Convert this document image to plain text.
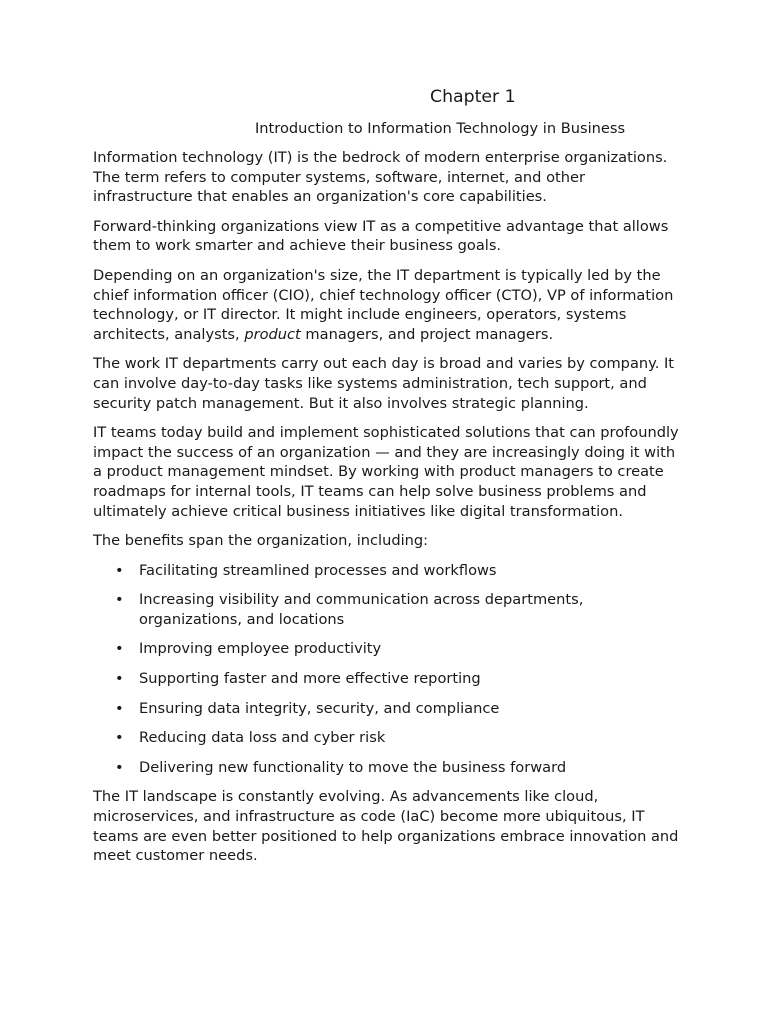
Chapter 1
Introduction to Information Technology in Business

Information technology (IT) is the bedrock of modern enterprise organizations. The term refers to computer systems, software, internet, and other infrastructure that enables an organization's core capabilities.

Forward-thinking organizations view IT as a competitive advantage that allows them to work smarter and achieve their business goals.

Depending on an organization's size, the IT department is typically led by the chief information officer (CIO), chief technology officer (CTO), VP of information technology, or IT director. It might include engineers, operators, systems architects, analysts, product managers, and project managers.

The work IT departments carry out each day is broad and varies by company. It can involve day-to-day tasks like systems administration, tech support, and security patch management. But it also involves strategic planning.

IT teams today build and implement sophisticated solutions that can profoundly impact the success of an organization — and they are increasingly doing it with a product management mindset. By working with product managers to create roadmaps for internal tools, IT teams can help solve business problems and ultimately achieve critical business initiatives like digital transformation.

The benefits span the organization, including:

• Facilitating streamlined processes and workflows
• Increasing visibility and communication across departments, organizations, and locations
• Improving employee productivity
• Supporting faster and more effective reporting
• Ensuring data integrity, security, and compliance
• Reducing data loss and cyber risk
• Delivering new functionality to move the business forward

The IT landscape is constantly evolving. As advancements like cloud, microservices, and infrastructure as code (IaC) become more ubiquitous, IT teams are even better positioned to help organizations embrace innovation and meet customer needs.
